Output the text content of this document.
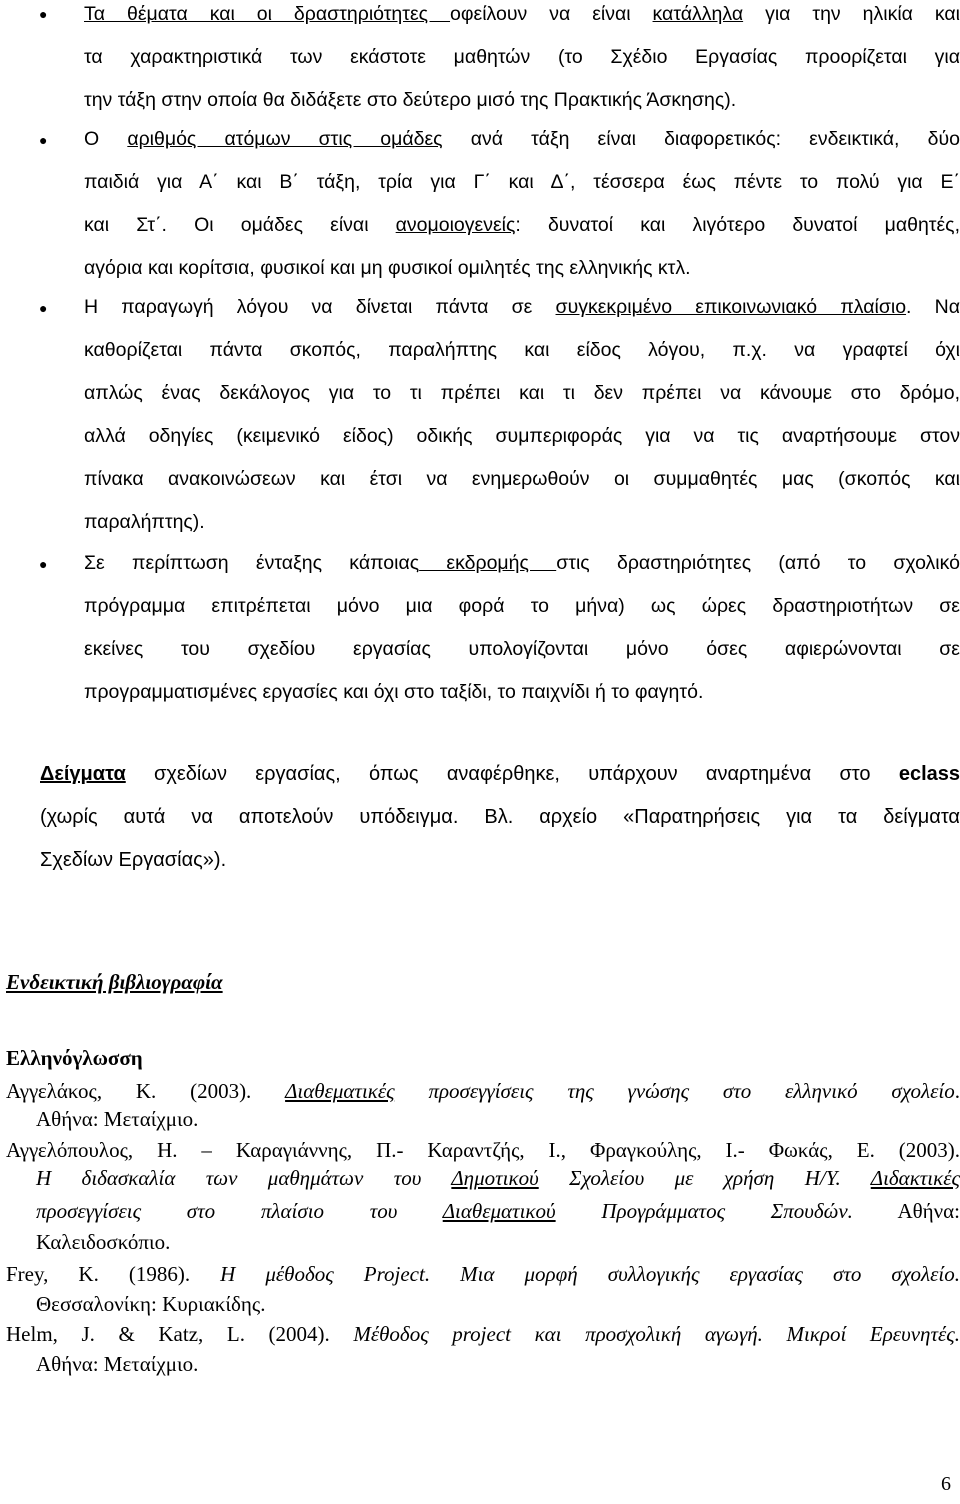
● Τα θέματα και οι δραστηριότητες οφείλουν να είναι κατάλληλα για την ηλικία και
τα χαρακτηριστικά των εκάστοτε μαθητών (το Σχέδιο Εργασίας προορίζεται για
την τάξη στην οποία θα διδάξετε στο δεύτερο μισό της Πρακτικής Άσκησης).
● Ο αριθμός ατόμων στις ομάδες ανά τάξη είναι διαφορετικός: ενδεικτικά, δύο
παιδιά για Α΄ και Β΄ τάξη, τρία για Γ΄ και Δ΄, τέσσερα έως πέντε το πολύ για Ε΄
και Στ΄. Οι ομάδες είναι ανομοιογενείς: δυνατοί και λιγότερο δυνατοί μαθητές,
αγόρια και κορίτσια, φυσικοί και μη φυσικοί ομιλητές της ελληνικής κτλ.
● Η παραγωγή λόγου να δίνεται πάντα σε συγκεκριμένο επικοινωνιακό πλαίσιο. Να
καθορίζεται πάντα σκοπός, παραλήπτης και είδος λόγου, π.χ. να γραφτεί όχι
απλώς ένας δεκάλογος για το τι πρέπει και τι δεν πρέπει να κάνουμε στο δρόμο,
αλλά οδηγίες (κειμενικό είδος) οδικής συμπεριφοράς για να τις αναρτήσουμε στον
πίνακα ανακοινώσεων και έτσι να ενημερωθούν οι συμμαθητές μας (σκοπός και
παραλήπτης).
● Σε περίπτωση ένταξης κάποιας εκδρομής στις δραστηριότητες (από το σχολικό
πρόγραμμα επιτρέπεται μόνο μια φορά το μήνα) ως ώρες δραστηριοτήτων σε
εκείνες του σχεδίου εργασίας υπολογίζονται μόνο όσες αφιερώνονται σε
προγραμματισμένες εργασίες και όχι στο ταξίδι, το παιχνίδι ή το φαγητό.
Δείγματα σχεδίων εργασίας, όπως αναφέρθηκε, υπάρχουν αναρτημένα στο eclass
(χωρίς αυτά να αποτελούν υπόδειγμα. Βλ. αρχείο «Παρατηρήσεις για τα δείγματα
Σχεδίων Εργασίας»).
Ενδεικτική βιβλιογραφία
Ελληνόγλωσση
Αγγελάκος, Κ. (2003). Διαθεματικές προσεγγίσεις της γνώσης στο ελληνικό σχολείο.
Αθήνα: Μεταίχμιο.
Αγγελόπουλος, Η. – Καραγιάννης, Π.- Καραντζής, Ι., Φραγκούλης, Ι.- Φωκάς, Ε. (2003).
Η διδασκαλία των μαθημάτων του Δημοτικού Σχολείου με χρήση Η/Υ. Διδακτικές
προσεγγίσεις στο πλαίσιο του Διαθεματικού Προγράμματος Σπουδών. Αθήνα:
Καλειδοσκόπιο.
Frey, K. (1986). Η μέθοδος Project. Μια μορφή συλλογικής εργασίας στο σχολείο.
Θεσσαλονίκη: Κυριακίδης.
Helm, J. & Katz, L. (2004). Μέθοδος project και προσχολική αγωγή. Μικροί Ερευνητές.
Αθήνα: Μεταίχμιο.
6
